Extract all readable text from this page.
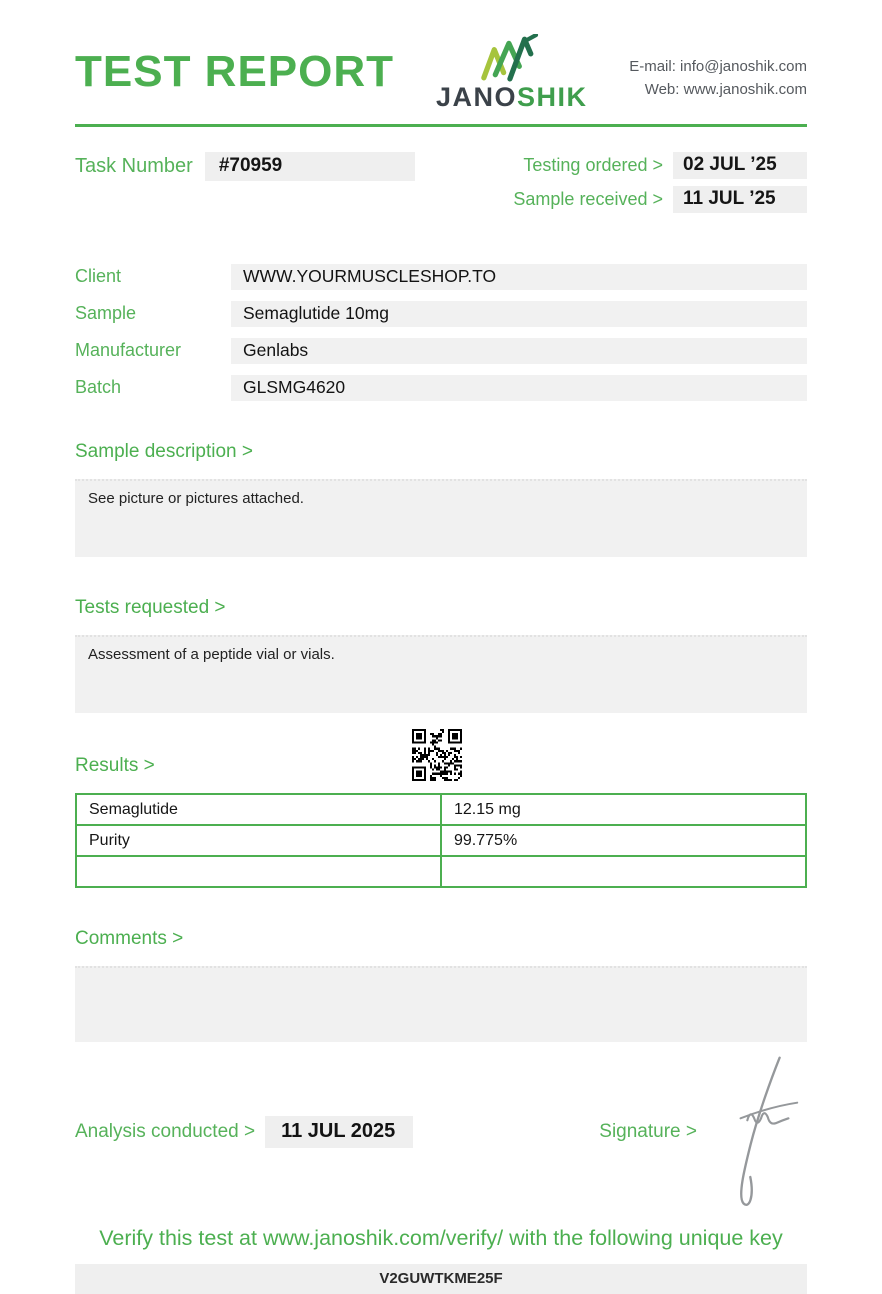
TEST REPORT
JANOSHIK
E-mail: info@janoshik.com
Web: www.janoshik.com
Task Number	#70959	Testing ordered >	02 JUL ’25
Sample received >	11 JUL ’25
Client	WWW.YOURMUSCLESHOP.TO
Sample	Semaglutide 10mg
Manufacturer	Genlabs
Batch	GLSMG4620
Sample description >
See picture or pictures attached.
Tests requested >
Assessment of a peptide vial or vials.
Results >
Semaglutide	12.15 mg
Purity	99.775%

Comments >
Analysis conducted >	11 JUL 2025	Signature >
Verify this test at www.janoshik.com/verify/ with the following unique key
V2GUWTKME25F
